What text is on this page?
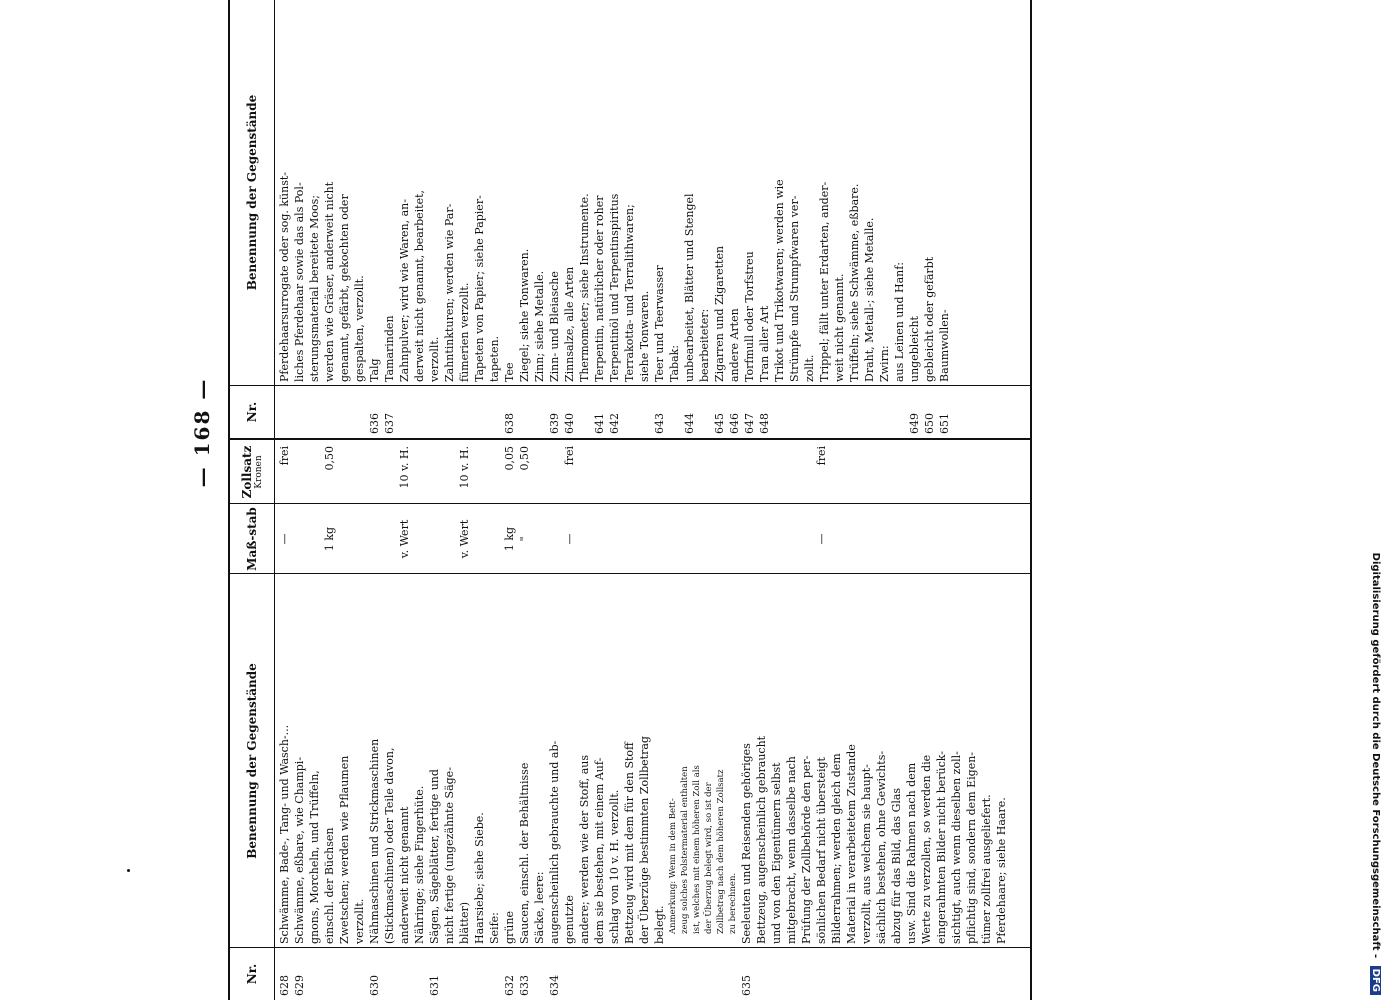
— 168 —
Nr.
Benennung der Gegenstände
Maß-stab
Zollsatz Kronen
628
Schwämme, Bade-, Tang- und Wasch-...
—
frei
629
Schwämme, eßbare, wie Champi- gnons, Morcheln, und Trüffeln, einschl. der Büchsen
1 kg
0,50
Zwetschen; werden wie Pflaumen verzollt.
630
Nähmaschinen und Strickmaschinen (Stickmaschinen) oder Teile davon, anderweit nicht genannt
v. Wert
10 v. H.
Nähringe; siehe Fingerhüte.
631
Sägen, Sägeblätter, fertige und nicht fertige (ungezähnte Säge- blätter)
v. Wert
10 v. H.
Haarsiebe; siehe Siebe. Seife:
632
grüne
1 kg
0,05
633
Saucen, einschl. der Behältnisse
"
0,50
Säcke, leere:
634
augenscheinlich gebrauchte und ab- genutzte
—
frei
andere; werden wie der Stoff, aus dem sie bestehen, mit einem Auf- schlag von 10 v. H. verzollt. Bettzeug wird mit dem für den Stoff der Überzüge bestimmten Zollbetrag belegt. Anmerkung: Wenn in dem Bett- zeug solches Polstermaterial enthalten ist, welches mit einem höheren Zoll als der Überzug belegt wird, so ist der Zollbetrag nach dem höheren Zollsatz zu berechnen.
635
Seeleuten und Reisenden gehöriges Bettzeug, augenscheinlich gebraucht und von den Eigentümern selbst mitgebracht, wenn dasselbe nach Prüfung der Zollbehörde den per- sönlichen Bedarf nicht übersteigt
—
frei
Bilderrahmen; werden gleich dem Material in verarbeitetem Zustande verzollt, aus welchem sie haupt- sächlich bestehen, ohne Gewichts- abzug für das Bild, das Glas usw. Sind die Rahmen nach dem Werte zu verzollen, so werden die eingerahmten Bilder nicht berück- sichtigt, auch wenn dieselben zoll- pflichtig sind, sondern dem Eigen- tümer zollfrei ausgeliefert. Pferdehaare; siehe Haare.
Nr.
Benennung der Gegenstände	Pferdehaarsurrogate oder sog. künst- liches Pferdehaar sowie das als Pol- sterungsmaterial bereitete Moos; werden wie Gräser, anderweit nicht genannt, gefärbt, gekochten oder gespalten, verzollt.
636
Talg
637
Tamarinden Zahnpulver; wird wie Waren, an- derweit nicht genannt, bearbeitet, verzollt. Zahntinkturen; werden wie Par- fümerien verzollt. Tapeten von Papier; siehe Papier- tapeten.
638
Tee Ziegel; siehe Tonwaren. Zinn; siehe Metalle.
639
Zinn- und Bleiasche
640
Zinnsalze, alle Arten Thermometer; siehe Instrumente.
641
Terpentin, natürlicher oder roher
642
Terpentinöl und Terpentinspiritus Terrakotta- und Terralithwaren; siehe Tonwaren.
643
Teer und Teerwasser Tabak:
644
unbearbeitet, Blätter und Stengel bearbeiteter:
645
Zigarren und Zigaretten
646
andere Arten
647
Torfmull oder Torfstreu
648
Tran aller Art Trikot und Trikotwaren; werden wie Strümpfe und Strumpfwaren ver- zollt. Trippel; fällt unter Erdarten, ander- weit nicht genannt. Trüffeln; siehe Schwämme, eßbare. Draht, Metall-; siehe Metalle. Zwirn: aus Leinen und Hanf:
649
ungebleicht
650
gebleicht oder gefärbt
651
Baumwollen-
Digitalisierung gefördert durch die Deutsche Forschungsgemeinschaft - DFG
